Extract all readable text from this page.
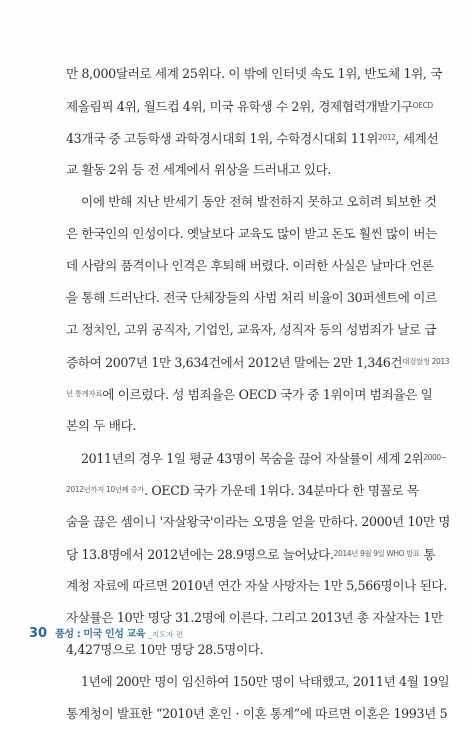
만 8,000달러로 세계 25위다. 이 밖에 인터넷 속도 1위, 반도체 1위, 국
제올림픽 4위, 월드컵 4위, 미국 유학생 수 2위, 경제협력개발기구$^{OECD}$
43개국 중 고등학생 과학경시대회 1위, 수학경시대회 11위$^{2012}$, 세계선
교 활동 2위 등 전 세계에서 위상을 드러내고 있다.
이에 반해 지난 반세기 동안 전혀 발전하지 못하고 오히려 퇴보한 것
은 한국인의 인성이다. 옛날보다 교육도 많이 받고 돈도 훨씬 많이 버는
데 사람의 품격이나 인격은 후퇴해 버렸다. 이러한 사실은 날마다 언론
을 통해 드러난다. 전국 단체장들의 사범 처리 비율이 30퍼센트에 이르
고 정치인, 고위 공직자, 기업인, 교육자, 성직자 등의 성범죄가 날로 급
증하여 2007년 1만 3,634건에서 2012년 말에는 2만 1,346건$^{대검찰청 2013}$
$^{년 통계자료}$에 이르렀다. 성 범죄율은 OECD 국가 중 1위이며 범죄율은 일
본의 두 배다.
2011년의 경우 1일 평균 43명이 목숨을 끊어 자살률이 세계 2위$^{2000\sim}$
$^{2012년까지 10년째 증가}$. OECD 국가 가운데 1위다. 34분마다 한 명꼴로 목
숨을 끊은 셈이니 '자살왕국'이라는 오명을 얻을 만하다. 2000년 10만 명
당 13.8명에서 2012년에는 28.9명으로 늘어났다.$^{2014년 9월 9일 WHO 발표}$ 통
계청 자료에 따르면 2010년 연간 자살 사망자는 1만 5,566명이나 된다.
자살률은 10만 명당 31.2명에 이른다. 그리고 2013년 총 자살자는 1만
4,427명으로 10만 명당 28.5명이다.
1년에 200만 명이 임신하여 150만 명이 낙태했고, 2011년 4월 19일
통계청이 발표한 “2010년 혼인 · 이혼 통계”에 따르면 이혼은 1993년 5
30 품성 : 미국 인성 교육 _지도자 편
